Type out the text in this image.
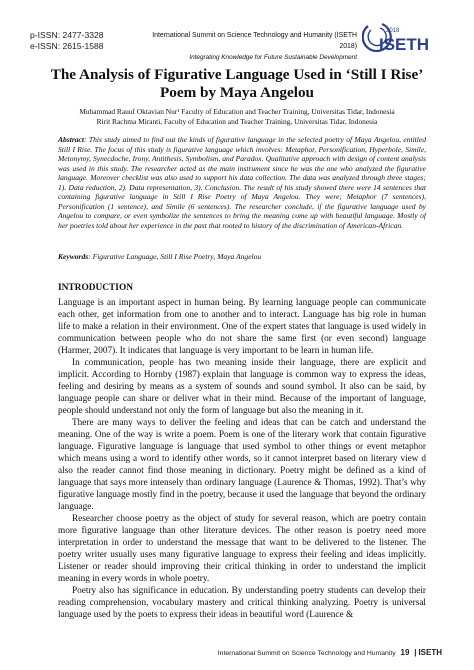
p-ISSN: 2477-3328
e-ISSN: 2615-1588
International Summit on Science Technology and Humanity (ISETH 2018)
Integrating Knowledge for Future Sustainable Development
2018
ISETH
The Analysis of Figurative Language Used in ‘Still I Rise’
Poem by Maya Angelou
Muhammad Rauuf Oktavian Nur¹ Faculty of Education and Teacher Training, Universitas Tidar, Indonesia
Ririt Rachma Miranti, Faculty of Education and Teacher Training, Universitas Tidar, Indonesia
Abstract: This study aimed to find out the kinds of figurative language in the selected poetry of Maya Angelou, entitled Still I Rise. The focus of this study is figurative language which involves: Metaphor, Personification, Hyperbole, Simile, Metonymy, Synecdoche, Irony, Antithesis, Symbolism, and Paradox. Qualitative approach with design of content analysis was used in this study. The researcher acted as the main instrument since he was the one who analyzed the figurative language. Moreover checklist was also used to support his data collection. The data was analyzed through three stages; 1). Data reduction, 2). Data representation, 3). Conclusion. The result of his study showed there were 14 sentences that containing figurative language in Still I Rise Poetry of Maya Angelou. They were; Metaphor (7 sentences), Personification (1 sentence), and Simile (6 sentences). The researcher conclude, if the figurative language used by Angelou to compare, or even symbolize the sentences to bring the meaning come up with beautiful language. Mostly of her poetries told about her experience in the past that rooted to history of the discrimination of American-African.
Keywords: Figurative Language, Still I Rise Poetry, Maya Angelou
INTRODUCTION

Language is an important aspect in human being. By learning language people can communicate each other, get information from one to another and to interact. Language has big role in human life to make a relation in their environment. One of the expert states that language is used widely in communication between people who do not share the same first (or even second) language (Harmer, 2007). It indicates that language is very important to be learn in human life.

In communication, people has two meaning inside their language, there are explicit and implicit. According to Hornby (1987) explain that language is common way to express the ideas, feeling and desiring by means as a system of sounds and sound symbol. It also can be said, by language people can share or deliver what in their mind. Because of the important of language, people should understand not only the form of language but also the meaning in it.

There are many ways to deliver the feeling and ideas that can be catch and understand the meaning. One of the way is write a poem. Poem is one of the literary work that contain figurative language. Figurative language is language that used symbol to other things or event metaphor which means using a word to identify other words, so it cannot interpret based on literary view d also the reader cannot find those meaning in dictionary. Poetry might be defined as a kind of language that says more intensely than ordinary language (Laurence & Thomas, 1992). That’s why figurative language mostly find in the poetry, because it used the language that beyond the ordinary language.

Researcher choose poetry as the object of study for several reason, which are poetry contain more figurative language than other literature devices. The other reason is poetry need more interpretation in order to understand the message that want to be delivered to the listener. The poetry writer usually uses many figurative language to express their feeling and ideas implicitly. Listener or reader should improving their critical thinking in order to understand the implicit meaning in every words in whole poetry.

Poetry also has significance in education. By understanding poetry students can develop their reading comprehension, vocabulary mastery and critical thinking analyzing. Poetry is universal language used by the poets to express their ideas in beautiful word (Laurence &

International Summit on Science Technology and Humanity 19 | ISETH
